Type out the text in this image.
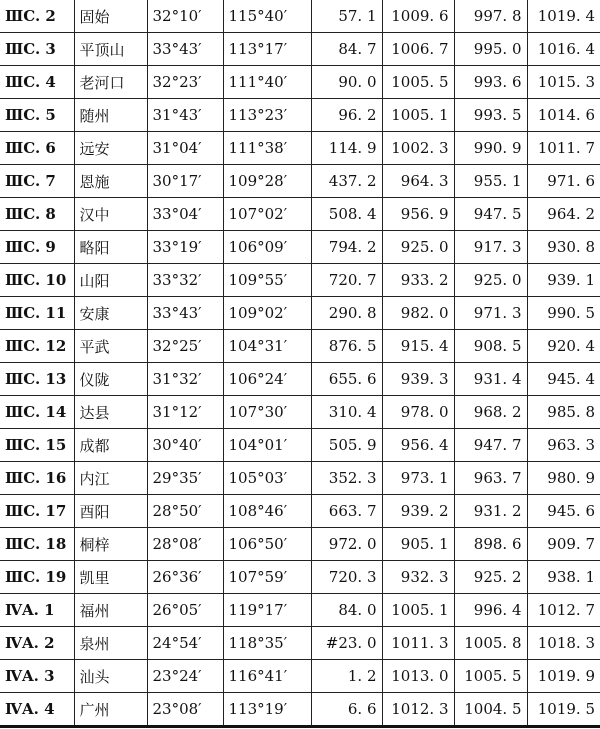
ⅢC. 2	固始	32°10′	115°40′	57. 1	1009. 6	997. 8	1019. 4
ⅢC. 3	平顶山	33°43′	113°17′	84. 7	1006. 7	995. 0	1016. 4
ⅢC. 4	老河口	32°23′	111°40′	90. 0	1005. 5	993. 6	1015. 3
ⅢC. 5	随州	31°43′	113°23′	96. 2	1005. 1	993. 5	1014. 6
ⅢC. 6	远安	31°04′	111°38′	114. 9	1002. 3	990. 9	1011. 7
ⅢC. 7	恩施	30°17′	109°28′	437. 2	964. 3	955. 1	971. 6
ⅢC. 8	汉中	33°04′	107°02′	508. 4	956. 9	947. 5	964. 2
ⅢC. 9	略阳	33°19′	106°09′	794. 2	925. 0	917. 3	930. 8
ⅢC. 10	山阳	33°32′	109°55′	720. 7	933. 2	925. 0	939. 1
ⅢC. 11	安康	33°43′	109°02′	290. 8	982. 0	971. 3	990. 5
ⅢC. 12	平武	32°25′	104°31′	876. 5	915. 4	908. 5	920. 4
ⅢC. 13	仪陇	31°32′	106°24′	655. 6	939. 3	931. 4	945. 4
ⅢC. 14	达县	31°12′	107°30′	310. 4	978. 0	968. 2	985. 8
ⅢC. 15	成都	30°40′	104°01′	505. 9	956. 4	947. 7	963. 3
ⅢC. 16	内江	29°35′	105°03′	352. 3	973. 1	963. 7	980. 9
ⅢC. 17	酉阳	28°50′	108°46′	663. 7	939. 2	931. 2	945. 6
ⅢC. 18	桐梓	28°08′	106°50′	972. 0	905. 1	898. 6	909. 7
ⅢC. 19	凯里	26°36′	107°59′	720. 3	932. 3	925. 2	938. 1
ⅣA. 1	福州	26°05′	119°17′	84. 0	1005. 1	996. 4	1012. 7
ⅣA. 2	泉州	24°54′	118°35′	#23. 0	1011. 3	1005. 8	1018. 3
ⅣA. 3	汕头	23°24′	116°41′	1. 2	1013. 0	1005. 5	1019. 9
ⅣA. 4	广州	23°08′	113°19′	6. 6	1012. 3	1004. 5	1019. 5
